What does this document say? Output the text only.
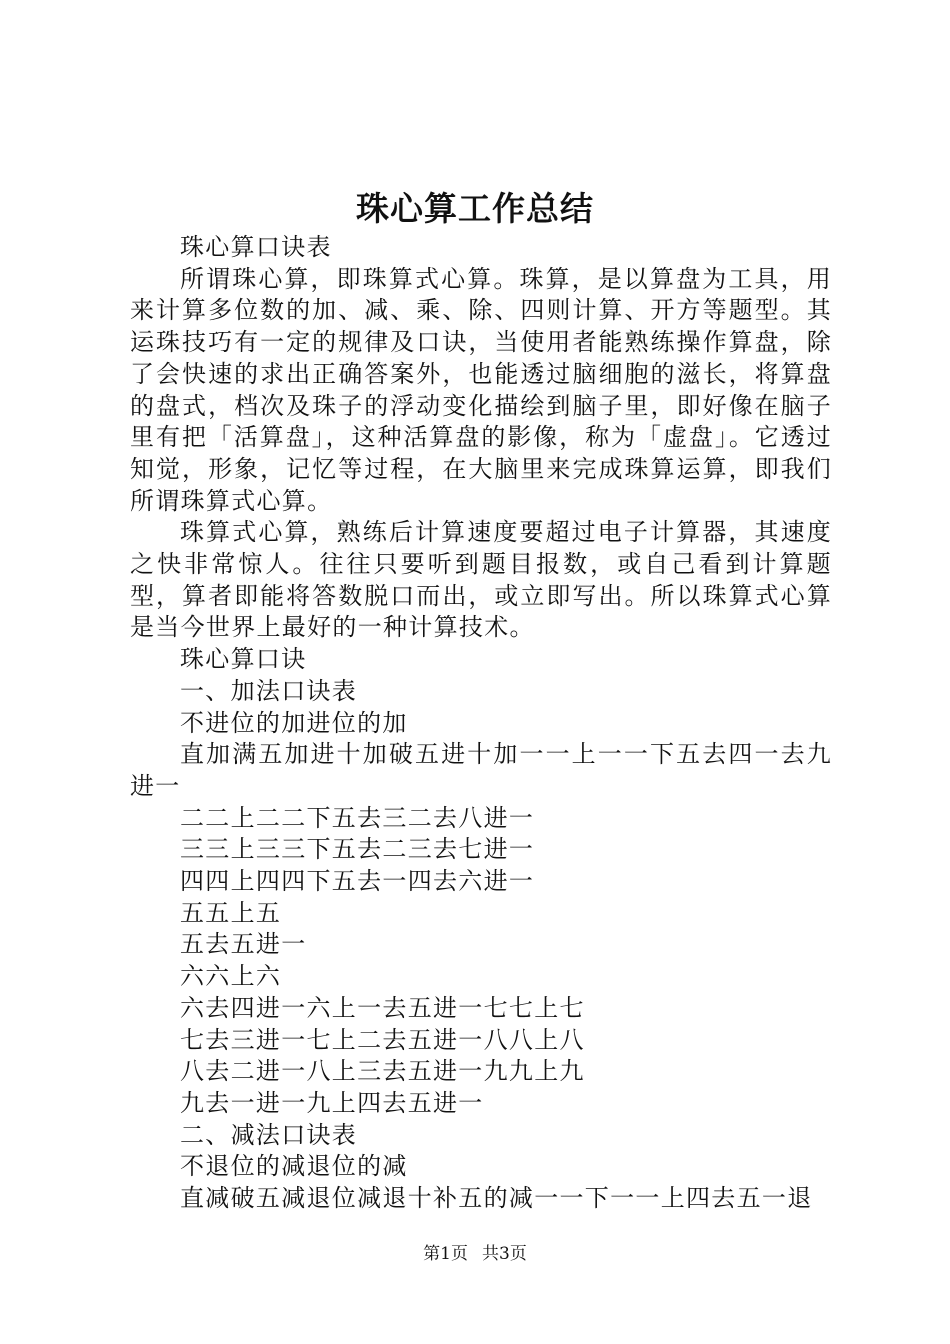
珠心算工作总结

珠心算口诀表

所谓珠心算，即珠算式心算。珠算，是以算盘为工具，用来计算多位数的加、减、乘、除、四则计算、开方等题型。其运珠技巧有一定的规律及口诀，当使用者能熟练操作算盘，除了会快速的求出正确答案外，也能透过脑细胞的滋长，将算盘的盘式，档次及珠子的浮动变化描绘到脑子里，即好像在脑子里有把「活算盘」，这种活算盘的影像，称为「虚盘」。它透过知觉，形象，记忆等过程，在大脑里来完成珠算运算，即我们所谓珠算式心算。

珠算式心算，熟练后计算速度要超过电子计算器，其速度之快非常惊人。往往只要听到题目报数，或自己看到计算题型，算者即能将答数脱口而出，或立即写出。所以珠算式心算是当今世界上最好的一种计算技术。

珠心算口诀

一、加法口诀表

不进位的加进位的加

直加满五加进十加破五进十加一一上一一下五去四一去九进一

二二上二二下五去三二去八进一

三三上三三下五去二三去七进一

四四上四四下五去一四去六进一

五五上五

五去五进一

六六上六

六去四进一六上一去五进一七七上七

七去三进一七上二去五进一八八上八

八去二进一八上三去五进一九九上九

九去一进一九上四去五进一

二、减法口诀表

不退位的减退位的减

直减破五减退位减退十补五的减一一下一一上四去五一退

第1页 共3页
